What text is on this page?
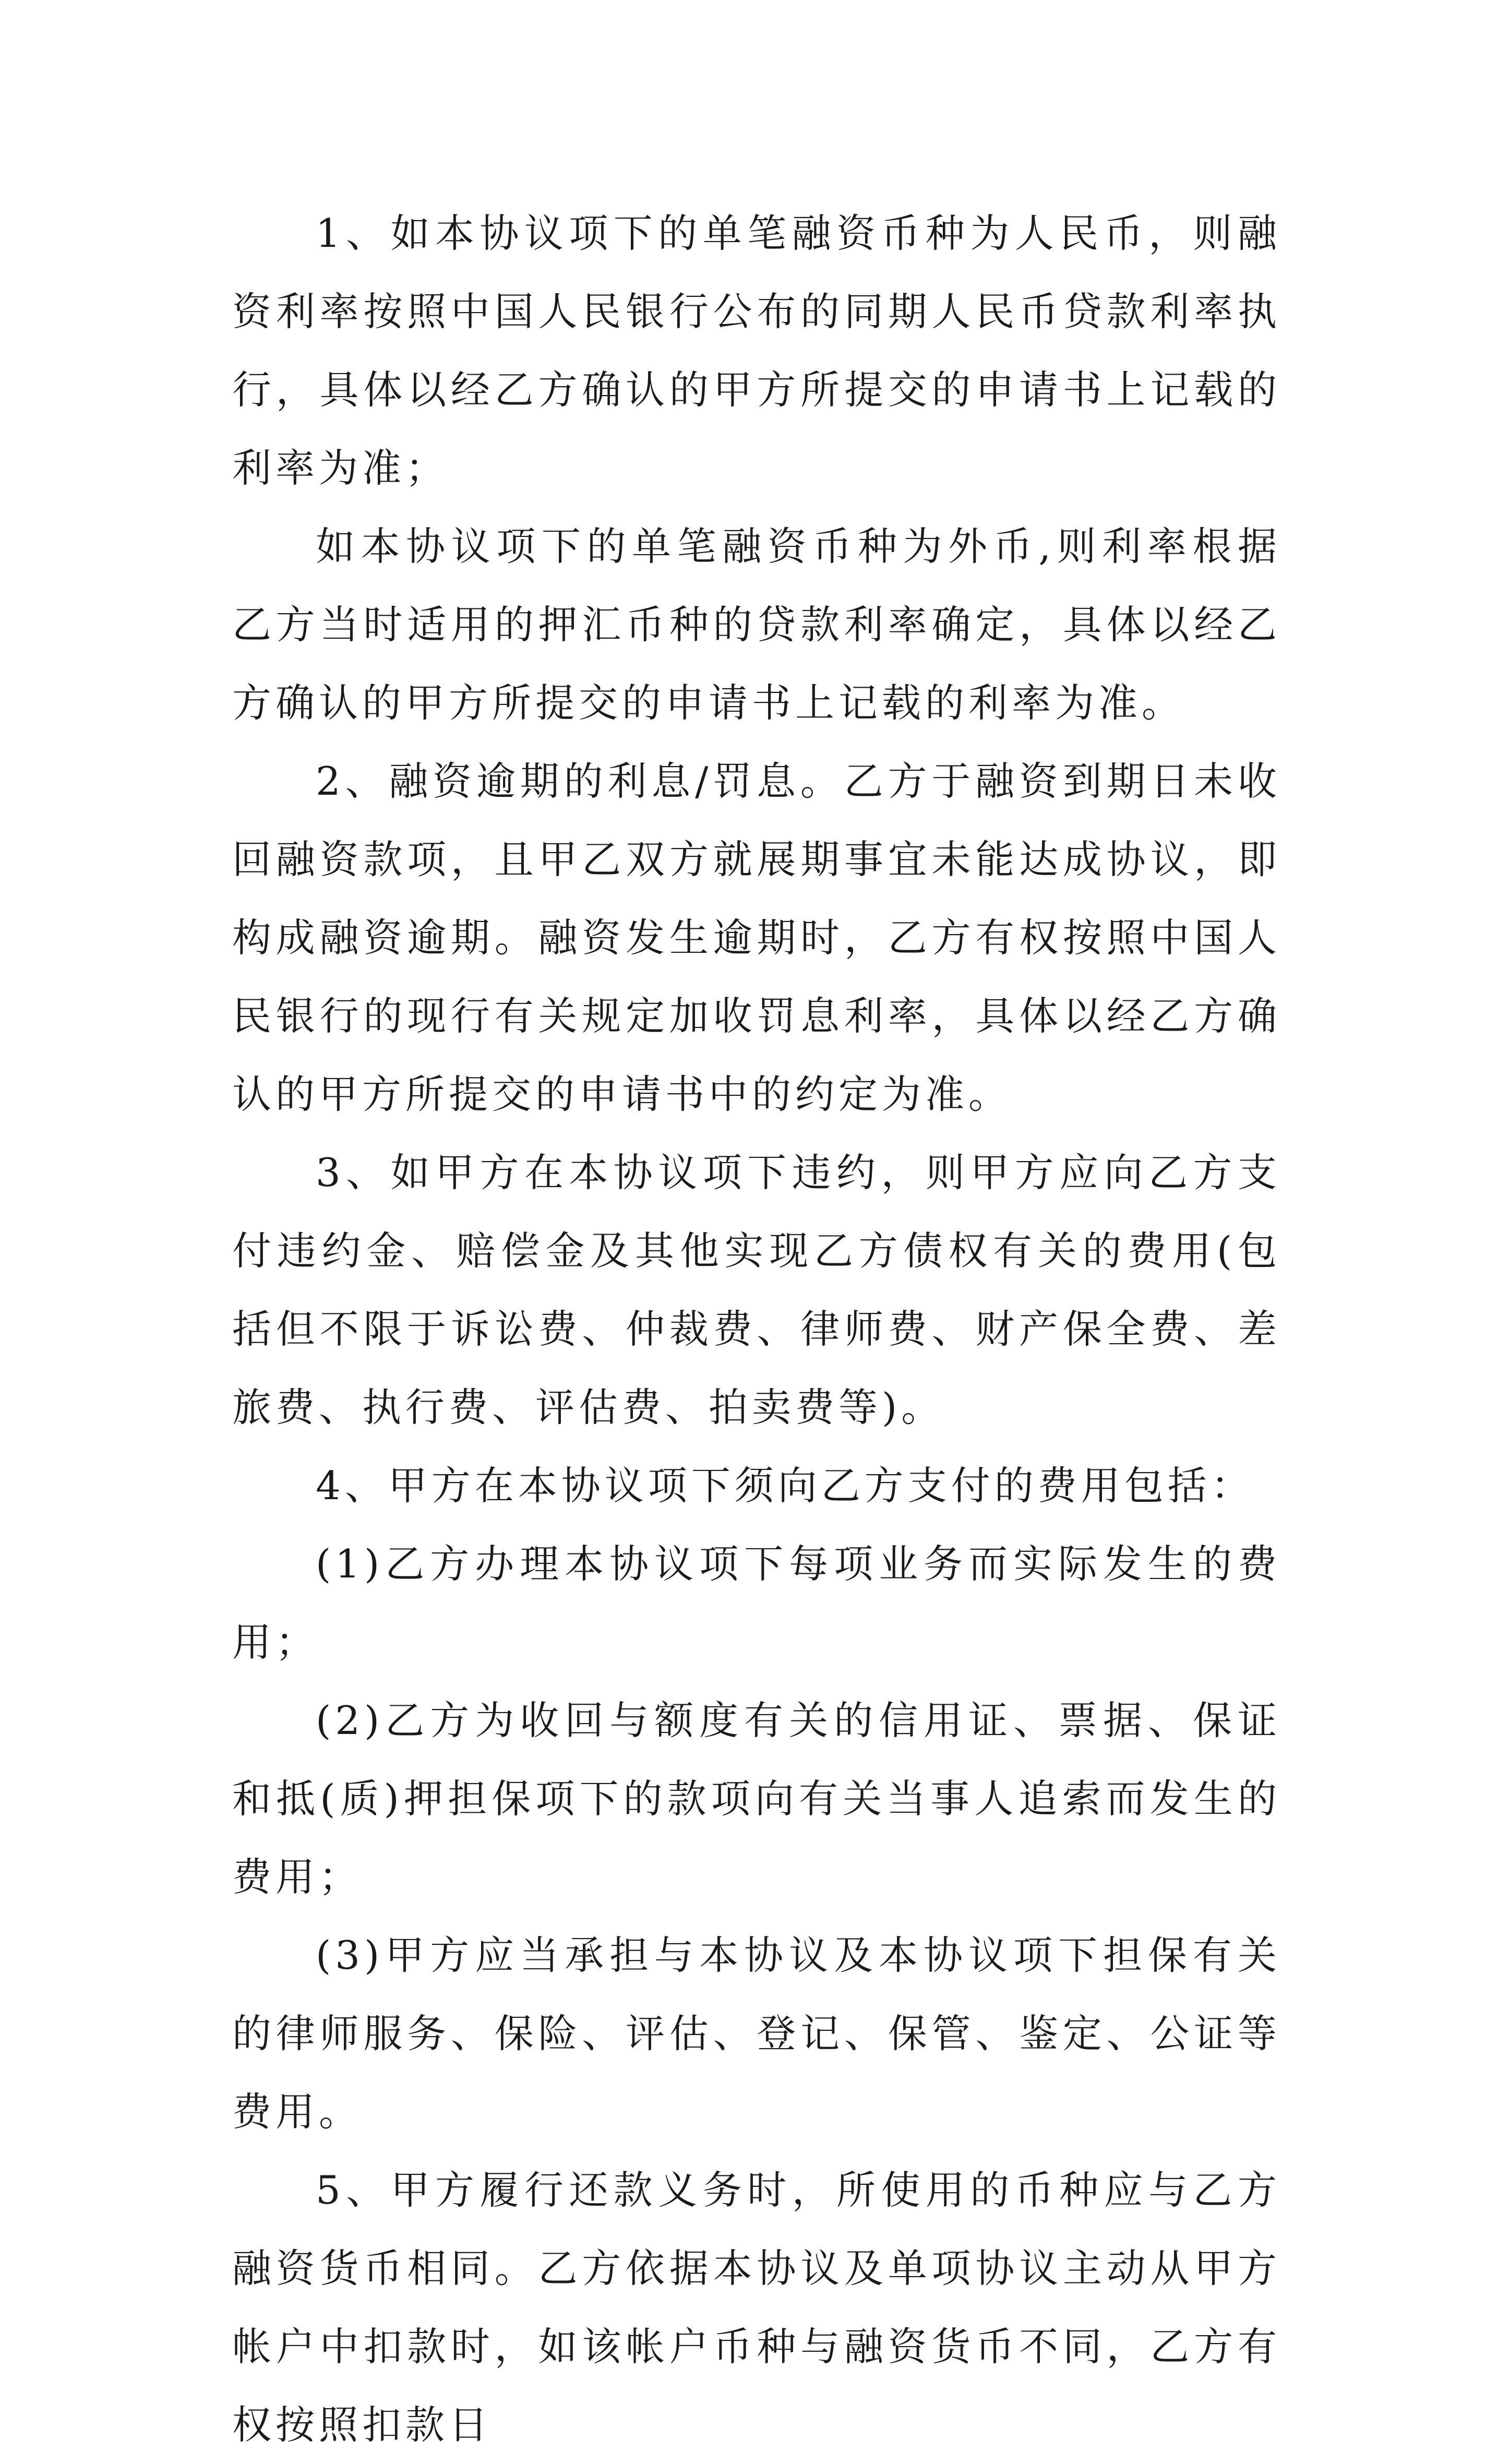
1、如本协议项下的单笔融资币种为人民币，则融资利率按照中国人民银行公布的同期人民币贷款利率执行，具体以经乙方确认的甲方所提交的申请书上记载的利率为准；

如本协议项下的单笔融资币种为外币,则利率根据乙方当时适用的押汇币种的贷款利率确定，具体以经乙方确认的甲方所提交的申请书上记载的利率为准。

2、融资逾期的利息/罚息。乙方于融资到期日未收回融资款项，且甲乙双方就展期事宜未能达成协议，即构成融资逾期。融资发生逾期时，乙方有权按照中国人民银行的现行有关规定加收罚息利率，具体以经乙方确认的甲方所提交的申请书中的约定为准。

3、如甲方在本协议项下违约，则甲方应向乙方支付违约金、赔偿金及其他实现乙方债权有关的费用(包括但不限于诉讼费、仲裁费、律师费、财产保全费、差旅费、执行费、评估费、拍卖费等)。

4、甲方在本协议项下须向乙方支付的费用包括：

(1)乙方办理本协议项下每项业务而实际发生的费用；

(2)乙方为收回与额度有关的信用证、票据、保证和抵(质)押担保项下的款项向有关当事人追索而发生的费用；

(3)甲方应当承担与本协议及本协议项下担保有关的律师服务、保险、评估、登记、保管、鉴定、公证等费用。

5、甲方履行还款义务时，所使用的币种应与乙方融资货币相同。乙方依据本协议及单项协议主动从甲方帐户中扣款时，如该帐户币种与融资货币不同，乙方有权按照扣款日
